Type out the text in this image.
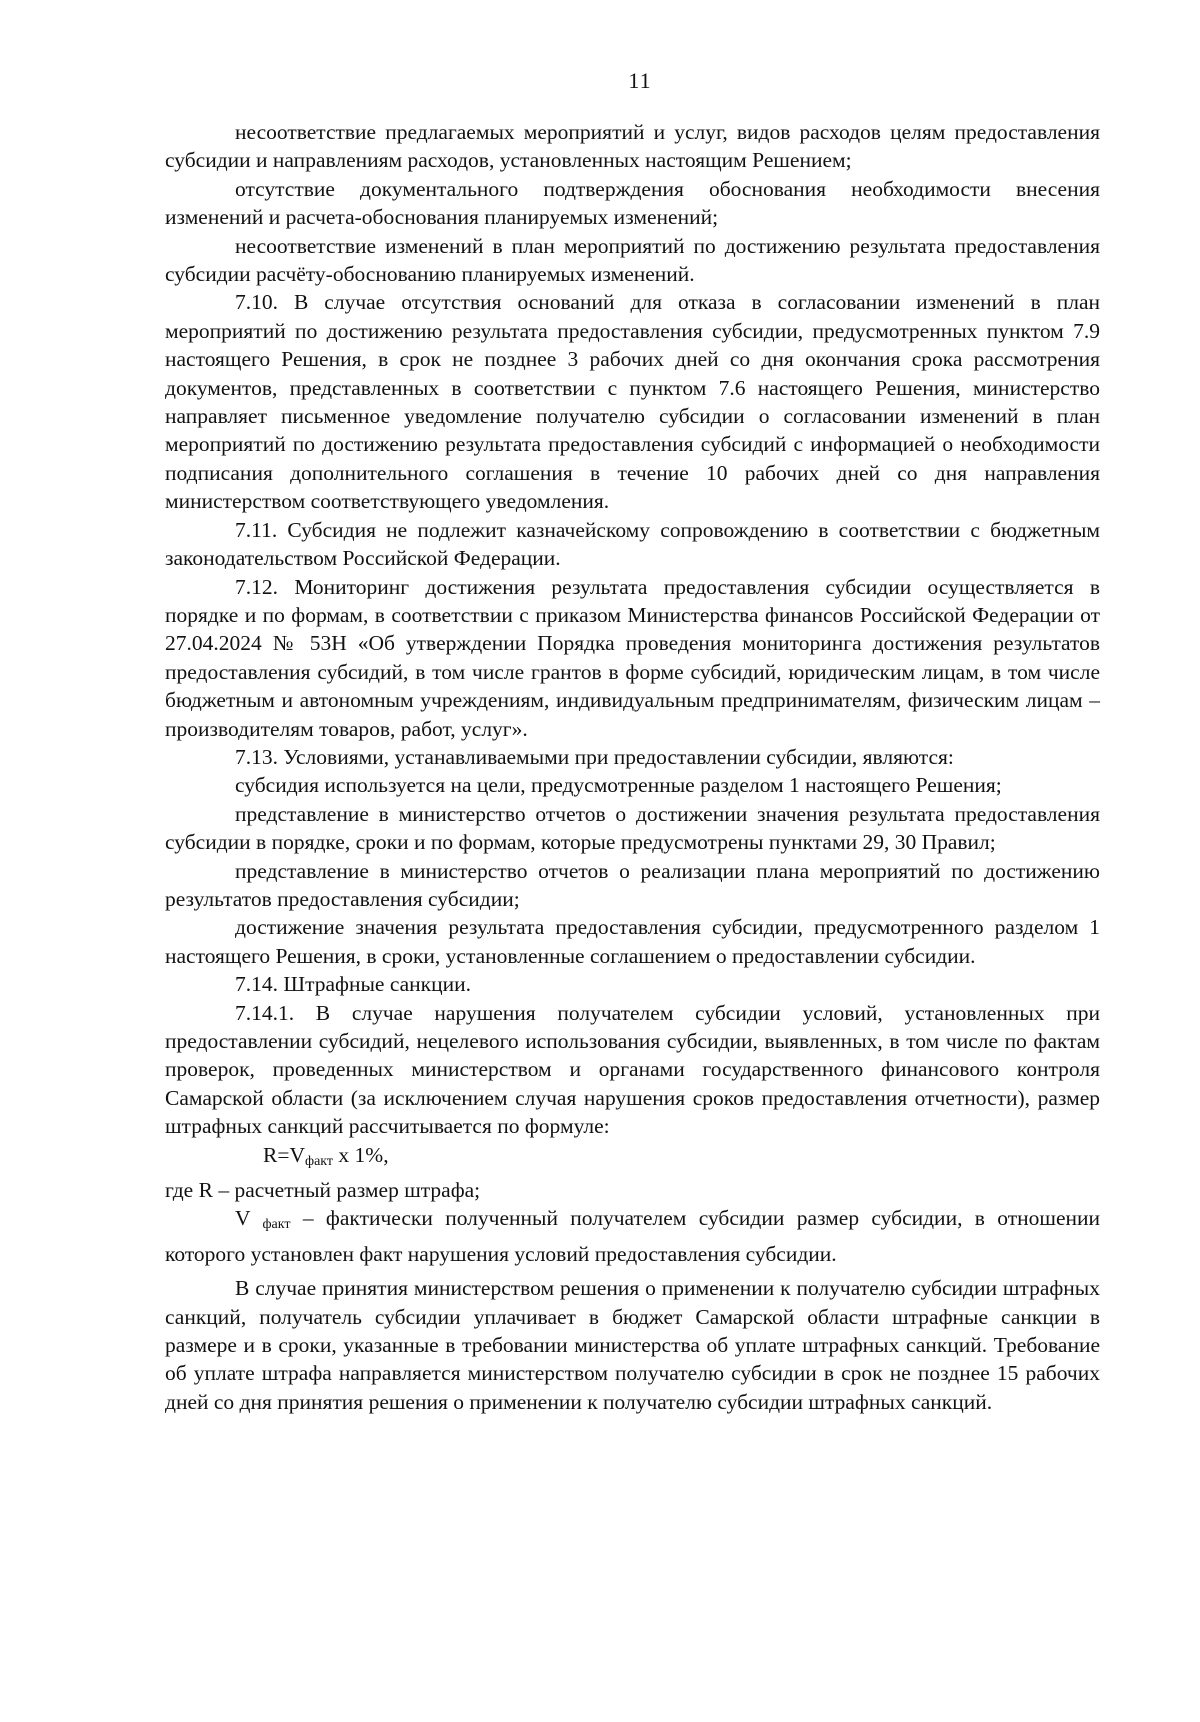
11

несоответствие предлагаемых мероприятий и услуг, видов расходов целям предоставления субсидии и направлениям расходов, установленных настоящим Решением;

отсутствие документального подтверждения обоснования необходимости внесения изменений и расчета-обоснования планируемых изменений;

несоответствие изменений в план мероприятий по достижению результата предоставления субсидии расчёту-обоснованию планируемых изменений.

7.10. В случае отсутствия оснований для отказа в согласовании изменений в план мероприятий по достижению результата предоставления субсидии, предусмотренных пунктом 7.9 настоящего Решения, в срок не позднее 3 рабочих дней со дня окончания срока рассмотрения документов, представленных в соответствии с пунктом 7.6 настоящего Решения, министерство направляет письменное уведомление получателю субсидии о согласовании изменений в план мероприятий по достижению результата предоставления субсидий с информацией о необходимости подписания дополнительного соглашения в течение 10 рабочих дней со дня направления министерством соответствующего уведомления.

7.11. Субсидия не подлежит казначейскому сопровождению в соответствии с бюджетным законодательством Российской Федерации.

7.12. Мониторинг достижения результата предоставления субсидии осуществляется в порядке и по формам, в соответствии с приказом Министерства финансов Российской Федерации от 27.04.2024 № 53Н «Об утверждении Порядка проведения мониторинга достижения результатов предоставления субсидий, в том числе грантов в форме субсидий, юридическим лицам, в том числе бюджетным и автономным учреждениям, индивидуальным предпринимателям, физическим лицам – производителям товаров, работ, услуг».

7.13. Условиями, устанавливаемыми при предоставлении субсидии, являются:

субсидия используется на цели, предусмотренные разделом 1 настоящего Решения;

представление в министерство отчетов о достижении значения результата предоставления субсидии в порядке, сроки и по формам, которые предусмотрены пунктами 29, 30 Правил;

представление в министерство отчетов о реализации плана мероприятий по достижению результатов предоставления субсидии;

достижение значения результата предоставления субсидии, предусмотренного разделом 1 настоящего Решения, в сроки, установленные соглашением о предоставлении субсидии.

7.14. Штрафные санкции.

7.14.1. В случае нарушения получателем субсидии условий, установленных при предоставлении субсидий, нецелевого использования субсидии, выявленных, в том числе по фактам проверок, проведенных министерством и органами государственного финансового контроля Самарской области (за исключением случая нарушения сроков предоставления отчетности), размер штрафных санкций рассчитывается по формуле:

$R=V_{факт}$ x 1%,

где R – расчетный размер штрафа;

V факт – фактически полученный получателем субсидии размер субсидии, в отношении которого установлен факт нарушения условий предоставления субсидии.

В случае принятия министерством решения о применении к получателю субсидии штрафных санкций, получатель субсидии уплачивает в бюджет Самарской области штрафные санкции в размере и в сроки, указанные в требовании министерства об уплате штрафных санкций. Требование об уплате штрафа направляется министерством получателю субсидии в срок не позднее 15 рабочих дней со дня принятия решения о применении к получателю субсидии штрафных санкций.
